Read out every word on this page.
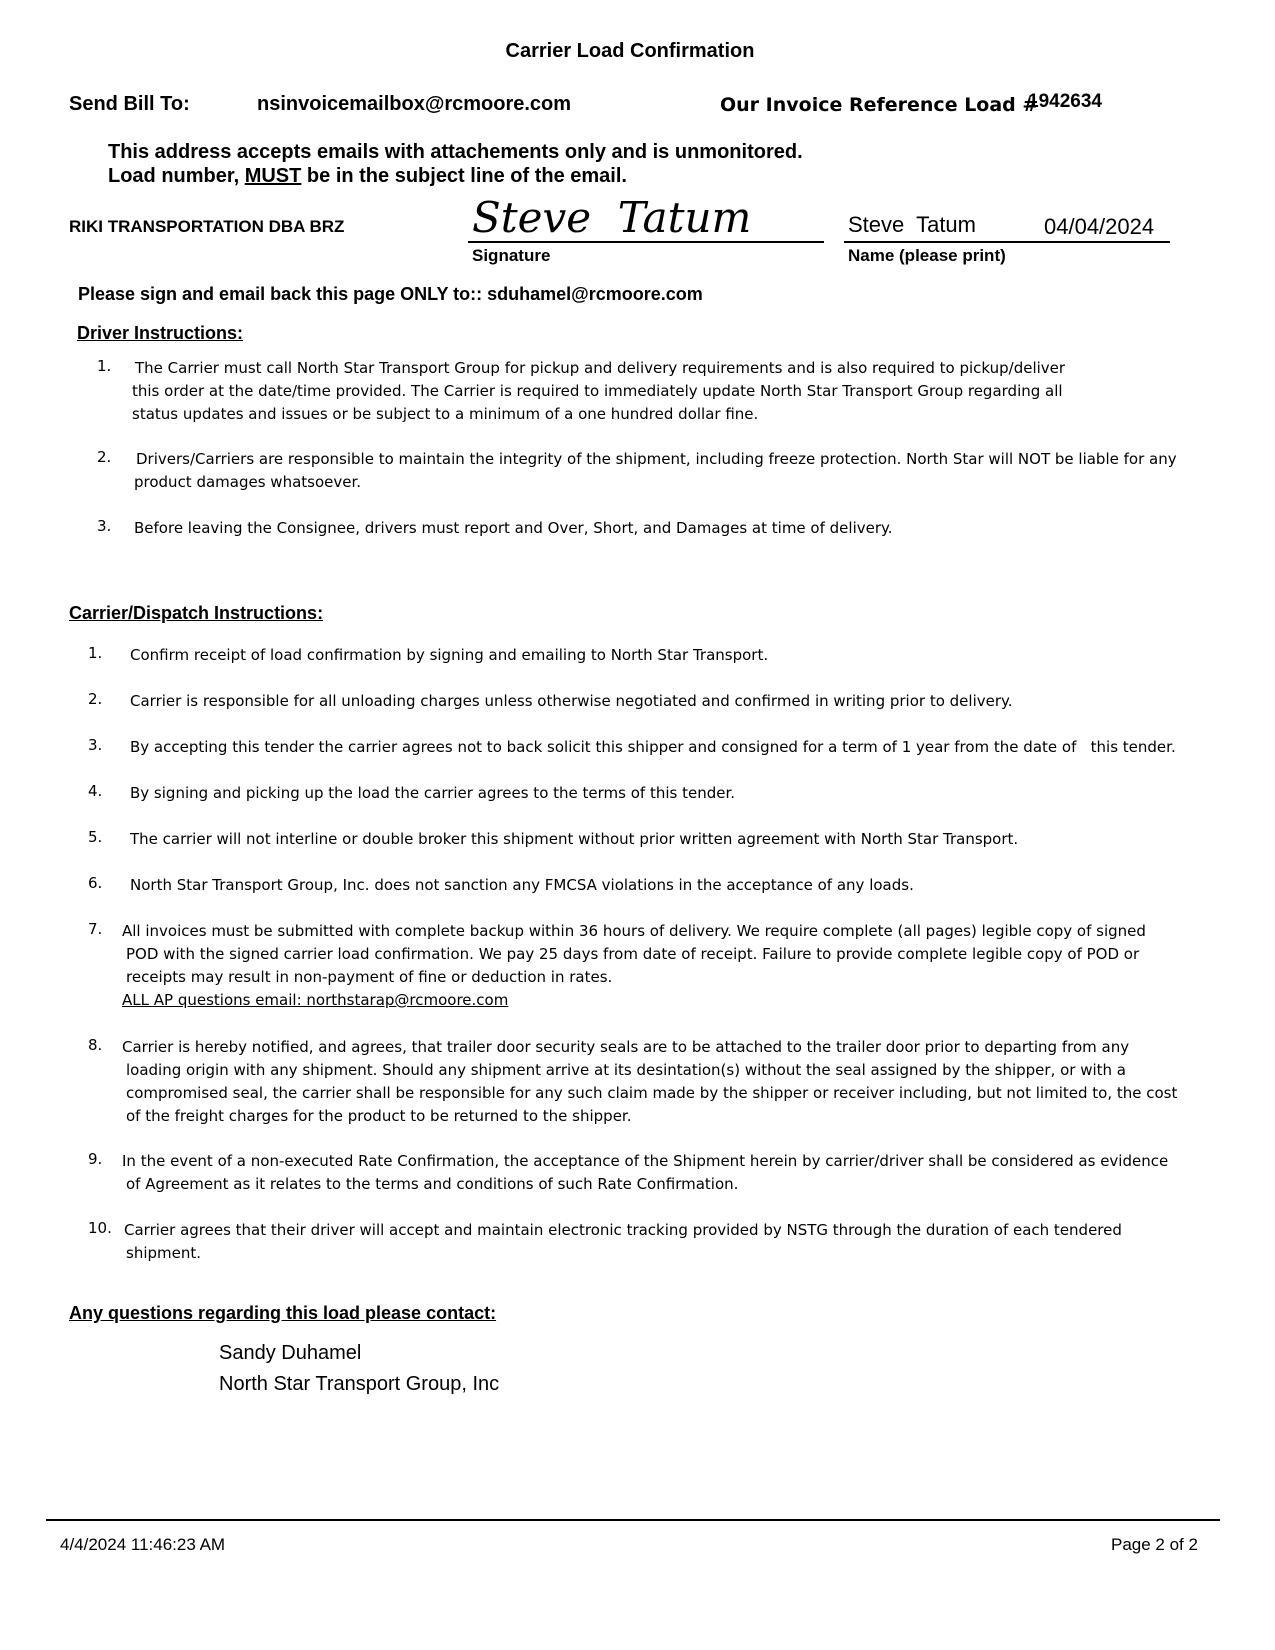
Carrier Load Confirmation
Send Bill To:	nsinvoicemailbox@rcmoore.com	Our Invoice Reference Load #
1942634
This address accepts emails with attachements only and is unmonitored.
Load number, MUST be in the subject line of the email.
RIKI TRANSPORTATION DBA BRZ	Steve  Tatum	Steve  Tatum	04/04/2024
Signature	Name (please print)
Please sign and email back this page ONLY to:: sduhamel@rcmoore.com
Driver Instructions:
1. The Carrier must call North Star Transport Group for pickup and delivery requirements and is also required to pickup/deliver
this order at the date/time provided. The Carrier is required to immediately update North Star Transport Group regarding all
status updates and issues or be subject to a minimum of a one hundred dollar fine.
2. Drivers/Carriers are responsible to maintain the integrity of the shipment, including freeze protection. North Star will NOT be liable for any
product damages whatsoever.
3. Before leaving the Consignee, drivers must report and Over, Short, and Damages at time of delivery.
Carrier/Dispatch Instructions:
1. Confirm receipt of load confirmation by signing and emailing to North Star Transport.
2. Carrier is responsible for all unloading charges unless otherwise negotiated and confirmed in writing prior to delivery.
3. By accepting this tender the carrier agrees not to back solicit this shipper and consigned for a term of 1 year from the date of   this tender.
4. By signing and picking up the load the carrier agrees to the terms of this tender.
5. The carrier will not interline or double broker this shipment without prior written agreement with North Star Transport.
6. North Star Transport Group, Inc. does not sanction any FMCSA violations in the acceptance of any loads.
7. All invoices must be submitted with complete backup within 36 hours of delivery. We require complete (all pages) legible copy of signed
POD with the signed carrier load confirmation. We pay 25 days from date of receipt. Failure to provide complete legible copy of POD or
receipts may result in non-payment of fine or deduction in rates.
ALL AP questions email: northstarap@rcmoore.com
8. Carrier is hereby notified, and agrees, that trailer door security seals are to be attached to the trailer door prior to departing from any
loading origin with any shipment. Should any shipment arrive at its desintation(s) without the seal assigned by the shipper, or with a
compromised seal, the carrier shall be responsible for any such claim made by the shipper or receiver including, but not limited to, the cost
of the freight charges for the product to be returned to the shipper.
9. In the event of a non-executed Rate Confirmation, the acceptance of the Shipment herein by carrier/driver shall be considered as evidence
of Agreement as it relates to the terms and conditions of such Rate Confirmation.
10. Carrier agrees that their driver will accept and maintain electronic tracking provided by NSTG through the duration of each tendered
shipment.
Any questions regarding this load please contact:
Sandy Duhamel
North Star Transport Group, Inc
4/4/2024 11:46:23 AM	Page 2 of 2
